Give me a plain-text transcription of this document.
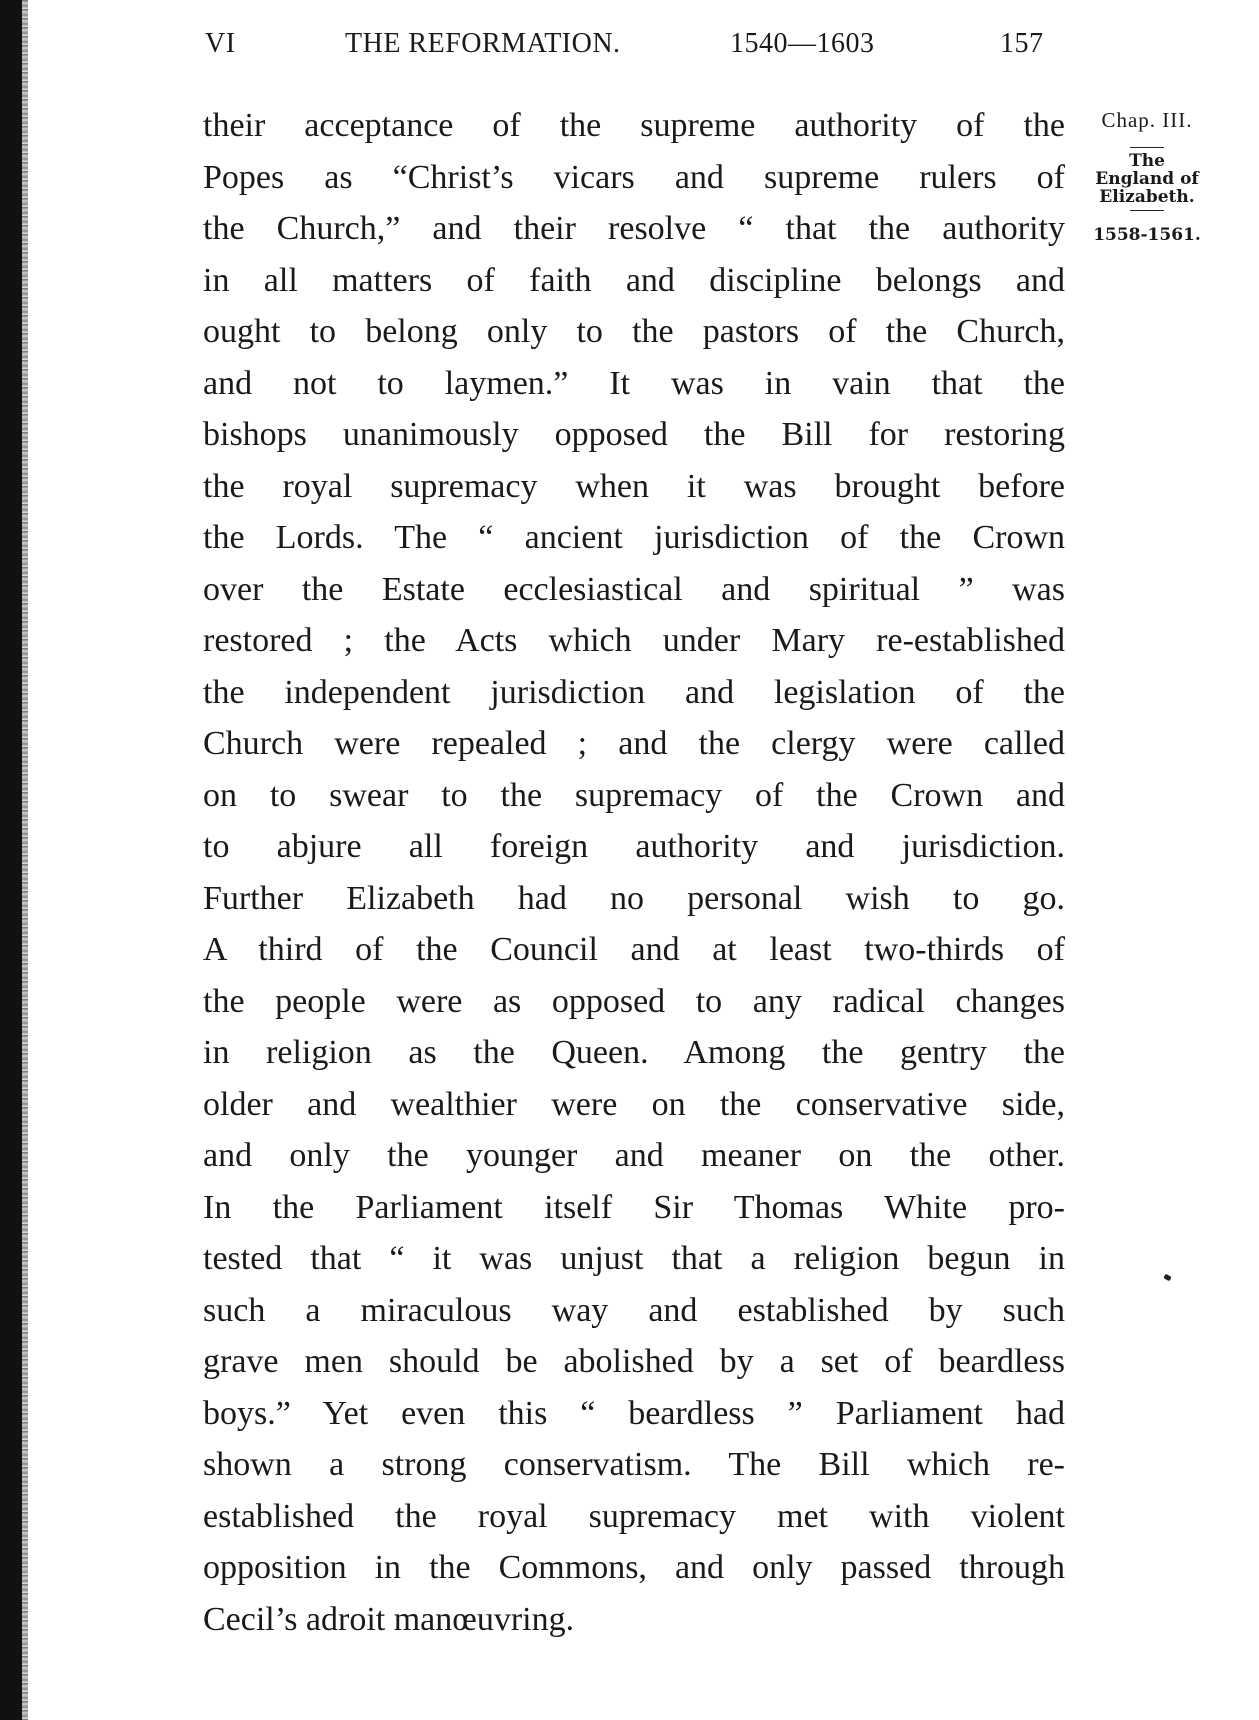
VI	THE REFORMATION.	1540—1603	157
their acceptance of the supreme authority of the
Popes as “Christ’s vicars and supreme rulers of
the Church,” and their resolve “ that the authority
in all matters of faith and discipline belongs and
ought to belong only to the pastors of the Church,
and not to laymen.” It was in vain that the
bishops unanimously opposed the Bill for restoring
the royal supremacy when it was brought before
the Lords. The “ ancient jurisdiction of the Crown
over the Estate ecclesiastical and spiritual ” was
restored ; the Acts which under Mary re-established
the independent jurisdiction and legislation of the
Church were repealed ; and the clergy were called
on to swear to the supremacy of the Crown and
to abjure all foreign authority and jurisdiction.
Further Elizabeth had no personal wish to go.
A third of the Council and at least two-thirds of
the people were as opposed to any radical changes
in religion as the Queen. Among the gentry the
older and wealthier were on the conservative side,
and only the younger and meaner on the other.
In the Parliament itself Sir Thomas White pro-
tested that “ it was unjust that a religion begun in
such a miraculous way and established by such
grave men should be abolished by a set of beardless
boys.” Yet even this “ beardless ” Parliament had
shown a strong conservatism. The Bill which re-
established the royal supremacy met with violent
opposition in the Commons, and only passed through
Cecil’s adroit manœuvring.
Chap. III.
The
England of
Elizabeth.
1558-1561.
